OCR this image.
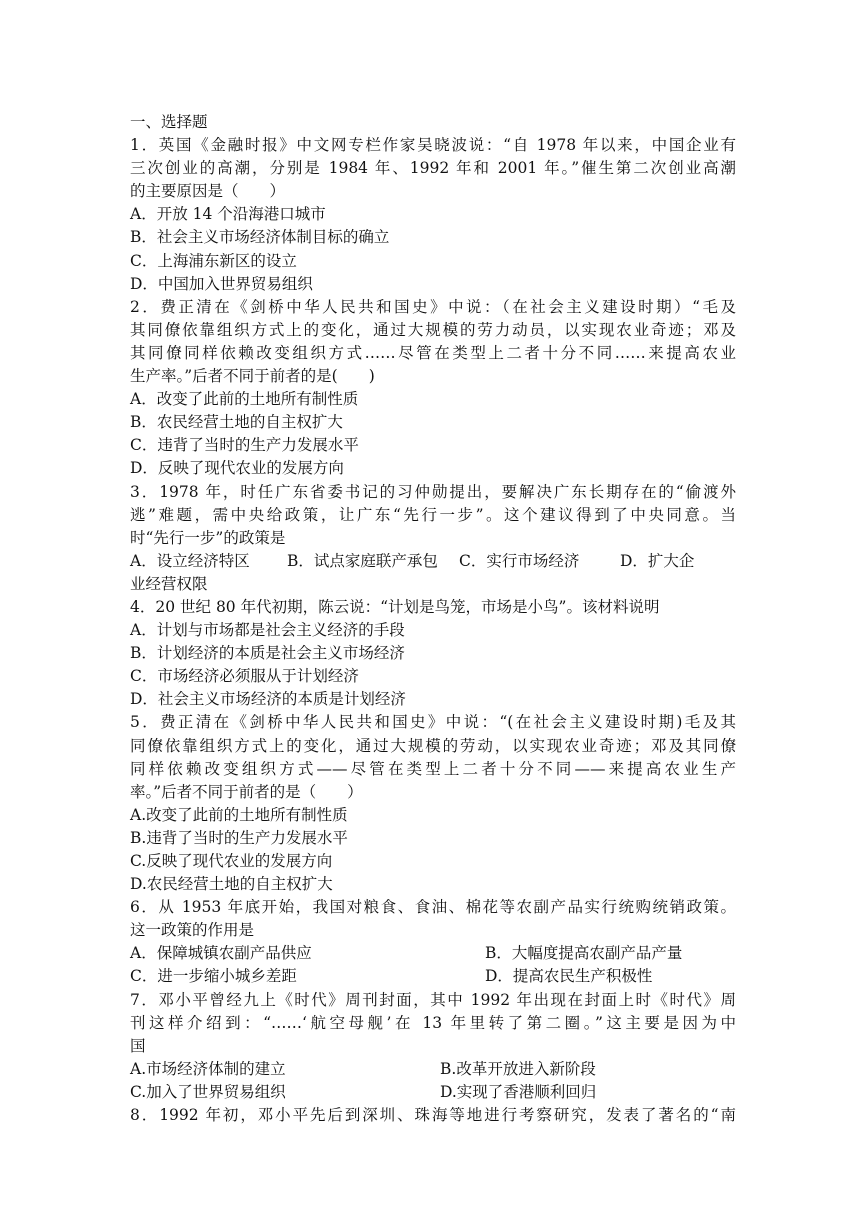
一、选择题
1．英国《金融时报》中文网专栏作家吴晓波说：“自 1978 年以来，中国企业有
三次创业的高潮，分别是 1984 年、1992 年和 2001 年。”催生第二次创业高潮
的主要原因是（　　）
A．开放 14 个沿海港口城市
B．社会主义市场经济体制目标的确立
C．上海浦东新区的设立
D．中国加入世界贸易组织
2．费正清在《剑桥中华人民共和国史》中说：（在社会主义建设时期）“毛及
其同僚依靠组织方式上的变化，通过大规模的劳力动员，以实现农业奇迹；邓及
其同僚同样依赖改变组织方式……尽管在类型上二者十分不同……来提高农业
生产率。”后者不同于前者的是(　　)
A．改变了此前的土地所有制性质
B．农民经营土地的自主权扩大
C．违背了当时的生产力发展水平
D．反映了现代农业的发展方向
3．1978 年，时任广东省委书记的习仲勋提出，要解决广东长期存在的“偷渡外
逃”难题，需中央给政策，让广东“先行一步”。这个建议得到了中央同意。当
时“先行一步”的政策是
A．设立经济特区	B．试点家庭联产承包	C．实行市场经济	D．扩大企
业经营权限
4．20 世纪 80 年代初期，陈云说：“计划是鸟笼，市场是小鸟”。该材料说明
A．计划与市场都是社会主义经济的手段
B．计划经济的本质是社会主义市场经济
C．市场经济必须服从于计划经济
D．社会主义市场经济的本质是计划经济
5．费正清在《剑桥中华人民共和国史》中说：“(在社会主义建设时期)毛及其
同僚依靠组织方式上的变化，通过大规模的劳动，以实现农业奇迹；邓及其同僚
同样依赖改变组织方式——尽管在类型上二者十分不同——来提高农业生产
率。”后者不同于前者的是（　　）
A.改变了此前的土地所有制性质
B.违背了当时的生产力发展水平
C.反映了现代农业的发展方向
D.农民经营土地的自主权扩大
6．从 1953 年底开始，我国对粮食、食油、棉花等农副产品实行统购统销政策。
这一政策的作用是
A．保障城镇农副产品供应	B．大幅度提高农副产品产量
C．进一步缩小城乡差距	D．提高农民生产积极性
7．邓小平曾经九上《时代》周刊封面，其中 1992 年出现在封面上时《时代》周
刊这样介绍到：“……‘航空母舰’在 13 年里转了第二圈。”这主要是因为中
国
A.市场经济体制的建立	B.改革开放进入新阶段
C.加入了世界贸易组织	D.实现了香港顺利回归
8．1992 年初，邓小平先后到深圳、珠海等地进行考察研究，发表了著名的“南
